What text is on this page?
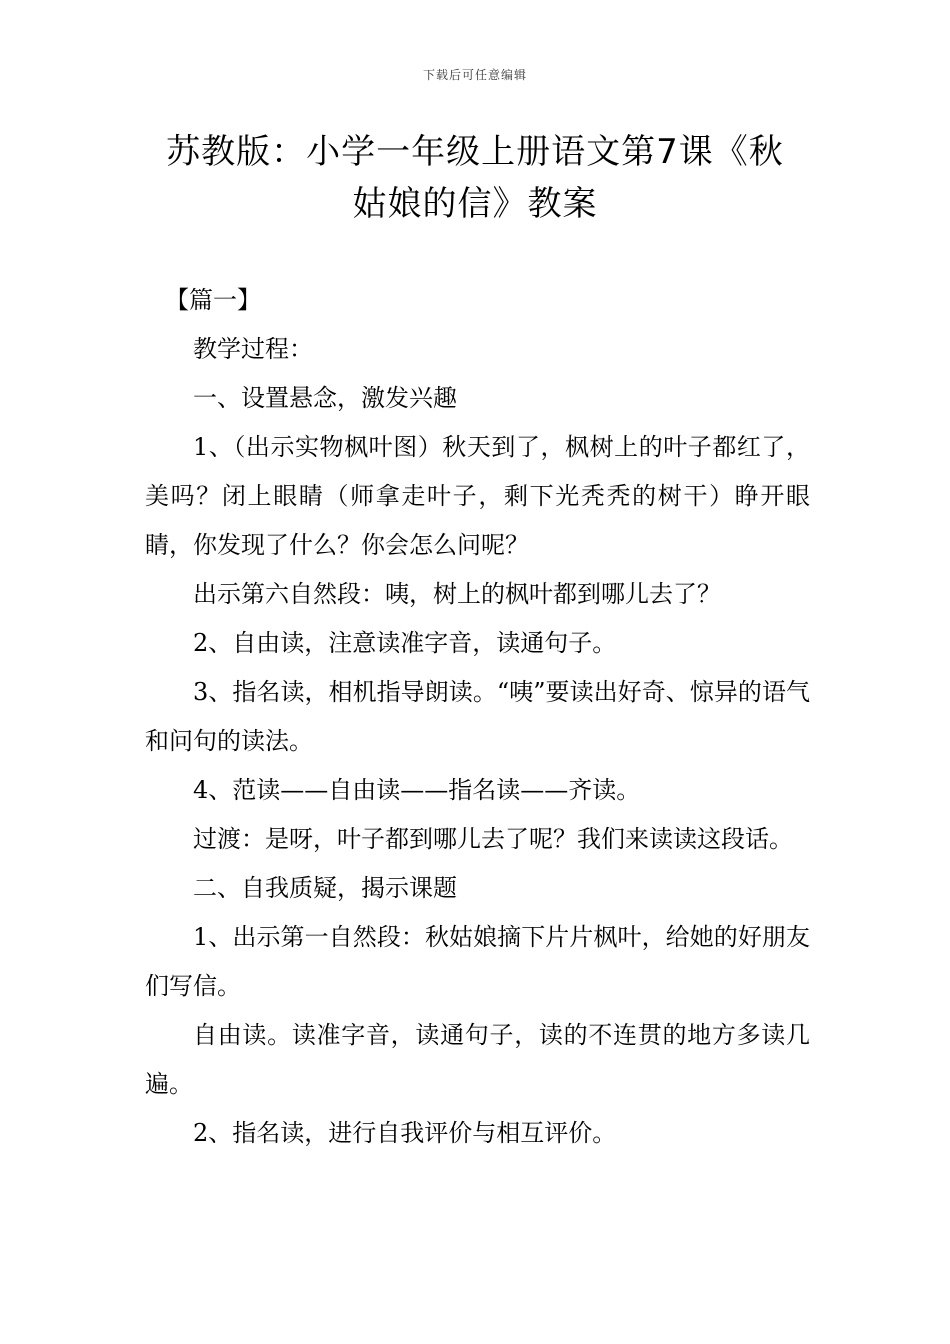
下载后可任意编辑
苏教版：小学一年级上册语文第7课《秋
姑娘的信》教案

【篇一】

教学过程：

一、设置悬念，激发兴趣

1、（出示实物枫叶图）秋天到了，枫树上的叶子都红了，美吗？闭上眼睛（师拿走叶子，剩下光秃秃的树干）睁开眼睛，你发现了什么？你会怎么问呢？

出示第六自然段：咦，树上的枫叶都到哪儿去了？

2、自由读，注意读准字音，读通句子。

3、指名读，相机指导朗读。“咦”要读出好奇、惊异的语气和问句的读法。

4、范读——自由读——指名读——齐读。

过渡：是呀，叶子都到哪儿去了呢？我们来读读这段话。

二、自我质疑，揭示课题

1、出示第一自然段：秋姑娘摘下片片枫叶，给她的好朋友们写信。

自由读。读准字音，读通句子，读的不连贯的地方多读几遍。

2、指名读，进行自我评价与相互评价。
